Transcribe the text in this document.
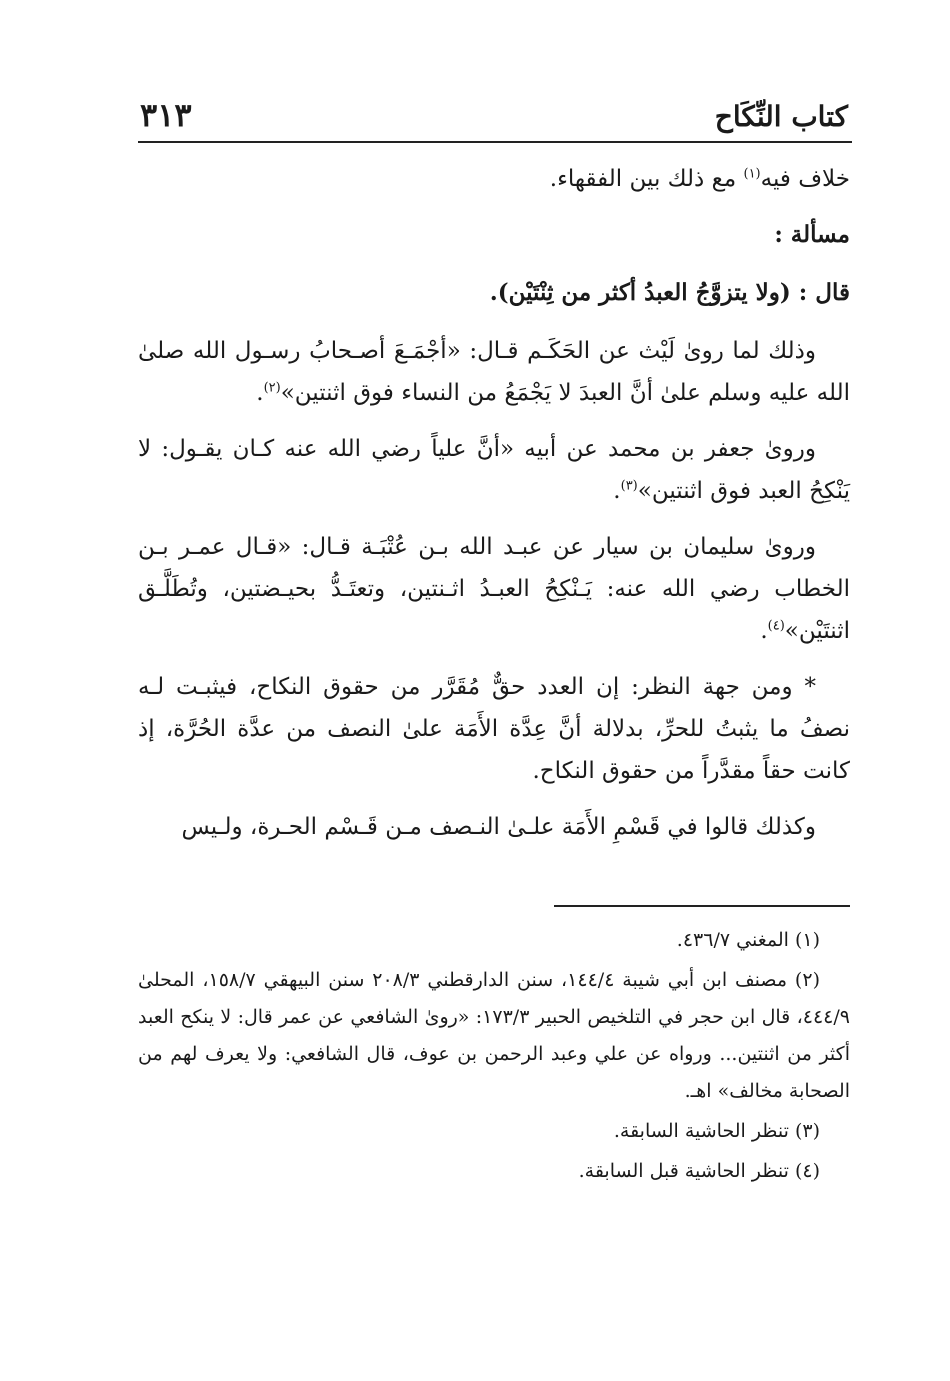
كتاب النِّكَاح
٣١٣

خلاف فيه$^{(١)}$ مع ذلك بين الفقهاء.

مسألة :

قال : (ولا يتزوَّجُ العبدُ أكثر من ثِنْتَيْن).

وذلك لما رویٰ لَيْث عن الحَكَـم قـال: «أجْمَـعَ أصـحابُ رسـول الله صلىٰ الله عليه وسلم علىٰ أنَّ العبدَ لا يَجْمَعُ من النساء فوق اثنتين»$^{(٢)}$.

وروىٰ جعفر بن محمد عن أبيه «أنَّ علياً رضي الله عنه كـان يقـول: لا يَنْكِحُ العبد فوق اثنتين»$^{(٣)}$.

وروىٰ سليمان بن سيار عن عبـد الله بـن عُتْبَـة قـال: «قـال عمـر بـن الخطاب رضي الله عنه: يَـنْكِحُ العبـدُ اثـنتين، وتعتَـدُّ بحيـضتين، وتُطَلَّـق اثنتَيْن»$^{(٤)}$.

* ومن جهة النظر: إن العدد حقٌّ مُقَرَّر من حقوق النكاح، فيثبـت لـه نصفُ ما يثبتُ للحرِّ، بدلالة أنَّ عِدَّة الأَمَة علىٰ النصف من عدَّة الحُرَّة، إذ كانت حقاً مقدَّراً من حقوق النكاح.

وكذلك قالوا في قَسْمِ الأَمَة علـىٰ النـصف مـن قَـسْم الحـرة، ولـيس

(١) المغني ٤٣٦/٧.

(٢) مصنف ابن أبي شيبة ١٤٤/٤، سنن الدارقطني ٢٠٨/٣ سنن البيهقي ١٥٨/٧، المحلىٰ ٤٤٤/٩، قال ابن حجر في التلخيص الحبير ١٧٣/٣: «روىٰ الشافعي عن عمر قال: لا ينكح العبد أكثر من اثنتين... ورواه عن علي وعبد الرحمن بن عوف، قال الشافعي: ولا يعرف لهم من الصحابة مخالف» اهـ.

(٣) تنظر الحاشية السابقة.

(٤) تنظر الحاشية قبل السابقة.
